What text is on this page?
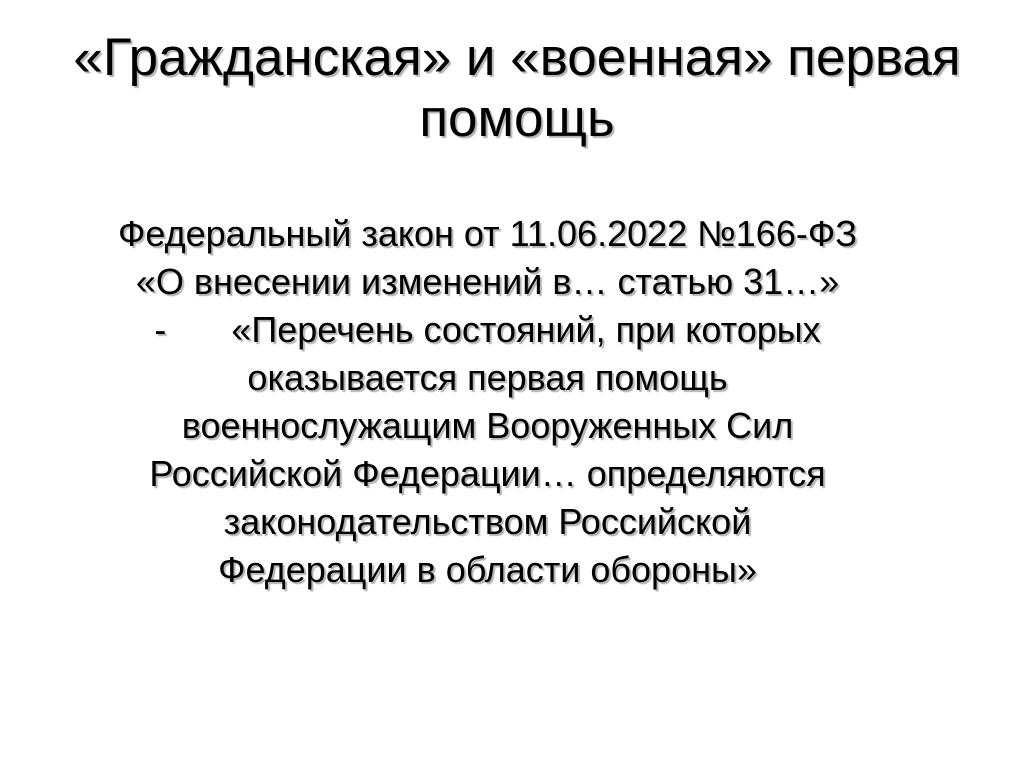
«Гражданская» и «военная» первая
помощь
Федеральный закон от 11.06.2022 №166-ФЗ
«О внесении изменений в… статью 31…»
- «Перечень состояний, при которых
оказывается первая помощь
военнослужащим Вооруженных Сил
Российской Федерации… определяются
законодательством Российской
Федерации в области обороны»
